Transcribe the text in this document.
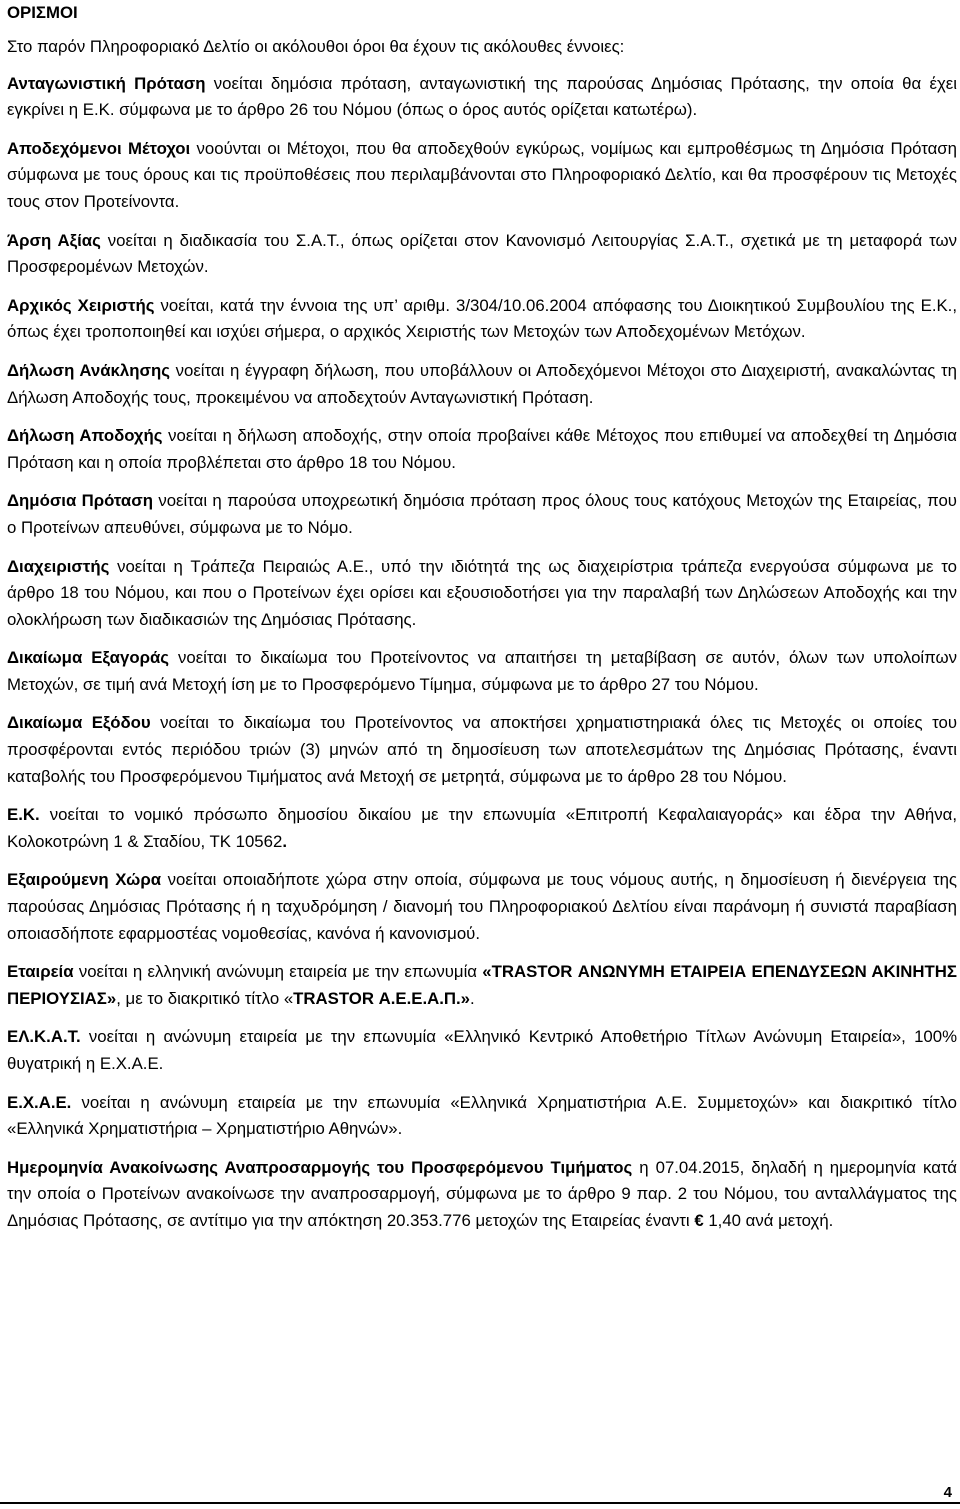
ΟΡΙΣΜΟΙ

Στο παρόν Πληροφοριακό Δελτίο οι ακόλουθοι όροι θα έχουν τις ακόλουθες έννοιες:

Ανταγωνιστική Πρόταση νοείται δημόσια πρόταση, ανταγωνιστική της παρούσας Δημόσιας Πρότασης, την οποία θα έχει εγκρίνει η Ε.Κ. σύμφωνα με το άρθρο 26 του Νόμου (όπως ο όρος αυτός ορίζεται κατωτέρω).

Αποδεχόμενοι Μέτοχοι νοούνται οι Μέτοχοι, που θα αποδεχθούν εγκύρως, νομίμως και εμπροθέσμως τη Δημόσια Πρόταση σύμφωνα με τους όρους και τις προϋποθέσεις που περιλαμβάνονται στο Πληροφοριακό Δελτίο, και θα προσφέρουν τις Μετοχές τους στον Προτείνοντα.

Άρση Αξίας νοείται η διαδικασία του Σ.Α.Τ., όπως ορίζεται στον Κανονισμό Λειτουργίας Σ.Α.Τ., σχετικά με τη μεταφορά των Προσφερομένων Μετοχών.

Αρχικός Χειριστής νοείται, κατά την έννοια της υπ’ αριθμ. 3/304/10.06.2004 απόφασης του Διοικητικού Συμβουλίου της Ε.Κ., όπως έχει τροποποιηθεί και ισχύει σήμερα, ο αρχικός Χειριστής των Μετοχών των Αποδεχομένων Μετόχων.

Δήλωση Ανάκλησης νοείται η έγγραφη δήλωση, που υποβάλλουν οι Αποδεχόμενοι Μέτοχοι στο Διαχειριστή, ανακαλώντας τη Δήλωση Αποδοχής τους, προκειμένου να αποδεχτούν Ανταγωνιστική Πρόταση.

Δήλωση Αποδοχής νοείται η δήλωση αποδοχής, στην οποία προβαίνει κάθε Μέτοχος που επιθυμεί να αποδεχθεί τη Δημόσια Πρόταση και η οποία προβλέπεται στο άρθρο 18 του Νόμου.

Δημόσια Πρόταση νοείται η παρούσα υποχρεωτική δημόσια πρόταση προς όλους τους κατόχους Μετοχών της Εταιρείας, που ο Προτείνων απευθύνει, σύμφωνα με το Νόμο.

Διαχειριστής νοείται η Τράπεζα Πειραιώς Α.Ε., υπό την ιδιότητά της ως διαχειρίστρια τράπεζα ενεργούσα σύμφωνα με το άρθρο 18 του Νόμου, και που ο Προτείνων έχει ορίσει και εξουσιοδοτήσει για την παραλαβή των Δηλώσεων Αποδοχής και την ολοκλήρωση των διαδικασιών της Δημόσιας Πρότασης.

Δικαίωμα Εξαγοράς νοείται το δικαίωμα του Προτείνοντος να απαιτήσει τη μεταβίβαση σε αυτόν, όλων των υπολοίπων Μετοχών, σε τιμή ανά Μετοχή ίση με το Προσφερόμενο Τίμημα, σύμφωνα με το άρθρο 27 του Νόμου.

Δικαίωμα Εξόδου νοείται το δικαίωμα του Προτείνοντος να αποκτήσει χρηματιστηριακά όλες τις Μετοχές οι οποίες του προσφέρονται εντός περιόδου τριών (3) μηνών από τη δημοσίευση των αποτελεσμάτων της Δημόσιας Πρότασης, έναντι καταβολής του Προσφερόμενου Τιμήματος ανά Μετοχή σε μετρητά, σύμφωνα με το άρθρο 28 του Νόμου.

Ε.Κ. νοείται το νομικό πρόσωπο δημοσίου δικαίου με την επωνυμία «Επιτροπή Κεφαλαιαγοράς» και έδρα την Αθήνα, Κολοκοτρώνη 1 & Σταδίου, ΤΚ 10562.

Εξαιρούμενη Χώρα νοείται οποιαδήποτε χώρα στην οποία, σύμφωνα με τους νόμους αυτής, η δημοσίευση ή διενέργεια της παρούσας Δημόσιας Πρότασης ή η ταχυδρόμηση / διανομή του Πληροφοριακού Δελτίου είναι παράνομη ή συνιστά παραβίαση οποιασδήποτε εφαρμοστέας νομοθεσίας, κανόνα ή κανονισμού.

Εταιρεία νοείται η ελληνική ανώνυμη εταιρεία με την επωνυμία «TRASTOR ΑΝΩΝΥΜΗ ΕΤΑΙΡΕΙΑ ΕΠΕΝΔΥΣΕΩΝ ΑΚΙΝΗΤΗΣ ΠΕΡΙΟΥΣΙΑΣ», με το διακριτικό τίτλο «TRASTOR Α.Ε.Ε.Α.Π.».

ΕΛ.Κ.Α.Τ. νοείται η ανώνυμη εταιρεία με την επωνυμία «Ελληνικό Κεντρικό Αποθετήριο Τίτλων Ανώνυμη Εταιρεία», 100% θυγατρική η Ε.Χ.Α.Ε.

Ε.Χ.Α.Ε. νοείται η ανώνυμη εταιρεία με την επωνυμία «Ελληνικά Χρηματιστήρια Α.Ε. Συμμετοχών» και διακριτικό τίτλο «Ελληνικά Χρηματιστήρια – Χρηματιστήριο Αθηνών».

Ημερομηνία Ανακοίνωσης Αναπροσαρμογής του Προσφερόμενου Τιμήματος η 07.04.2015, δηλαδή η ημερομηνία κατά την οποία ο Προτείνων ανακοίνωσε την αναπροσαρμογή, σύμφωνα με το άρθρο 9 παρ. 2 του Νόμου, του ανταλλάγματος της Δημόσιας Πρότασης, σε αντίτιμο για την απόκτηση 20.353.776 μετοχών της Εταιρείας έναντι € 1,40 ανά μετοχή.

4
